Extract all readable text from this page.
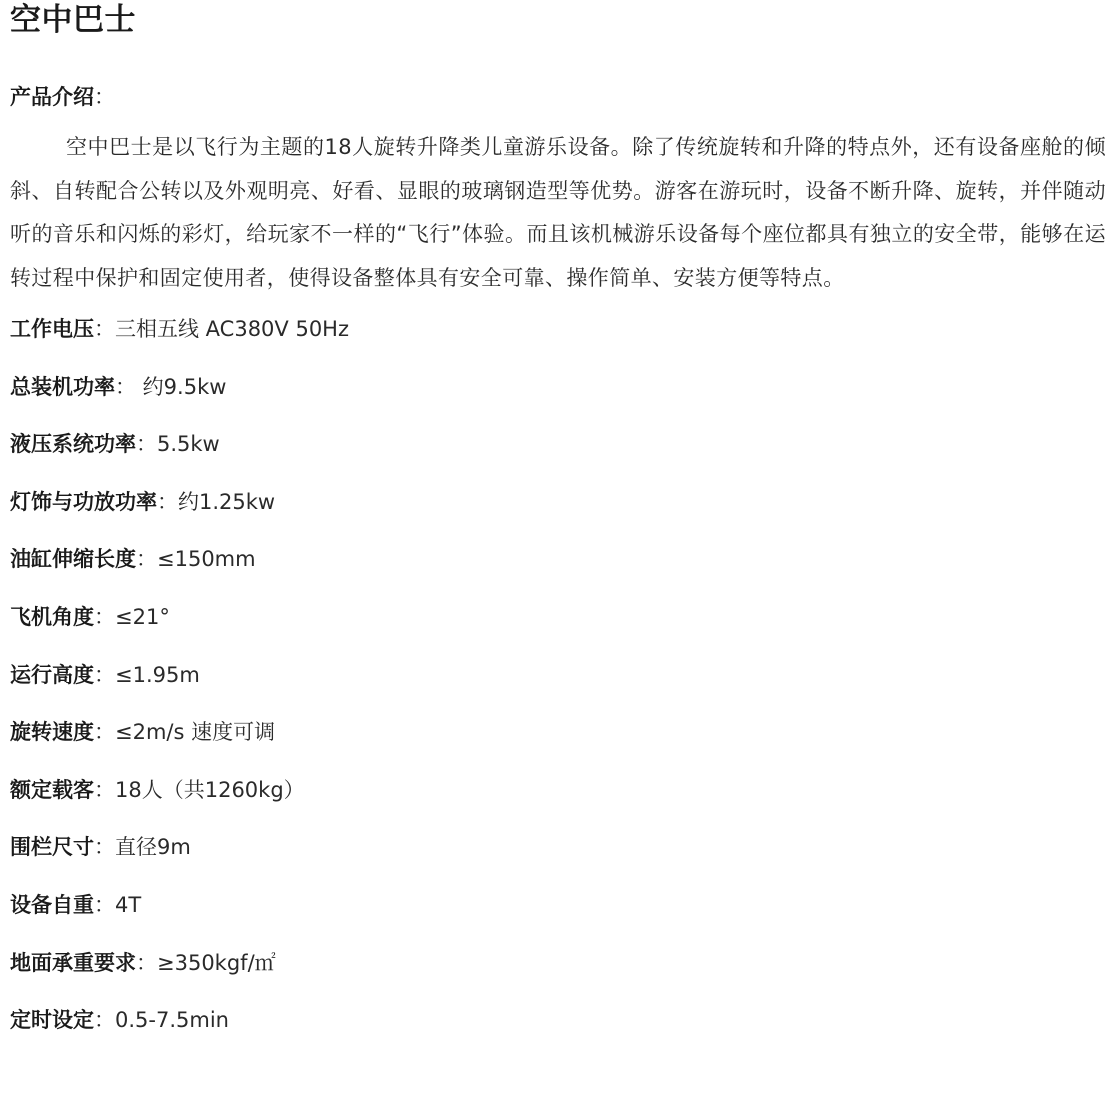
空中巴士
产品介绍：

空中巴士是以飞行为主题的18人旋转升降类儿童游乐设备。除了传统旋转和升降的特点外，还有设备座舱的倾斜、自转配合公转以及外观明亮、好看、显眼的玻璃钢造型等优势。游客在游玩时，设备不断升降、旋转，并伴随动听的音乐和闪烁的彩灯，给玩家不一样的“飞行”体验。而且该机械游乐设备每个座位都具有独立的安全带，能够在运转过程中保护和固定使用者，使得设备整体具有安全可靠、操作简单、安装方便等特点。

工作电压：三相五线 AC380V 50Hz
总装机功率： 约9.5kw
液压系统功率：5.5kw
灯饰与功放功率：约1.25kw
油缸伸缩长度：≤150mm
飞机角度：≤21°
运行高度：≤1.95m
旋转速度：≤2m/s 速度可调
额定载客：18人（共1260kg）
围栏尺寸：直径9m
设备自重：4T
地面承重要求：≥350kgf/㎡
定时设定：0.5-7.5min
